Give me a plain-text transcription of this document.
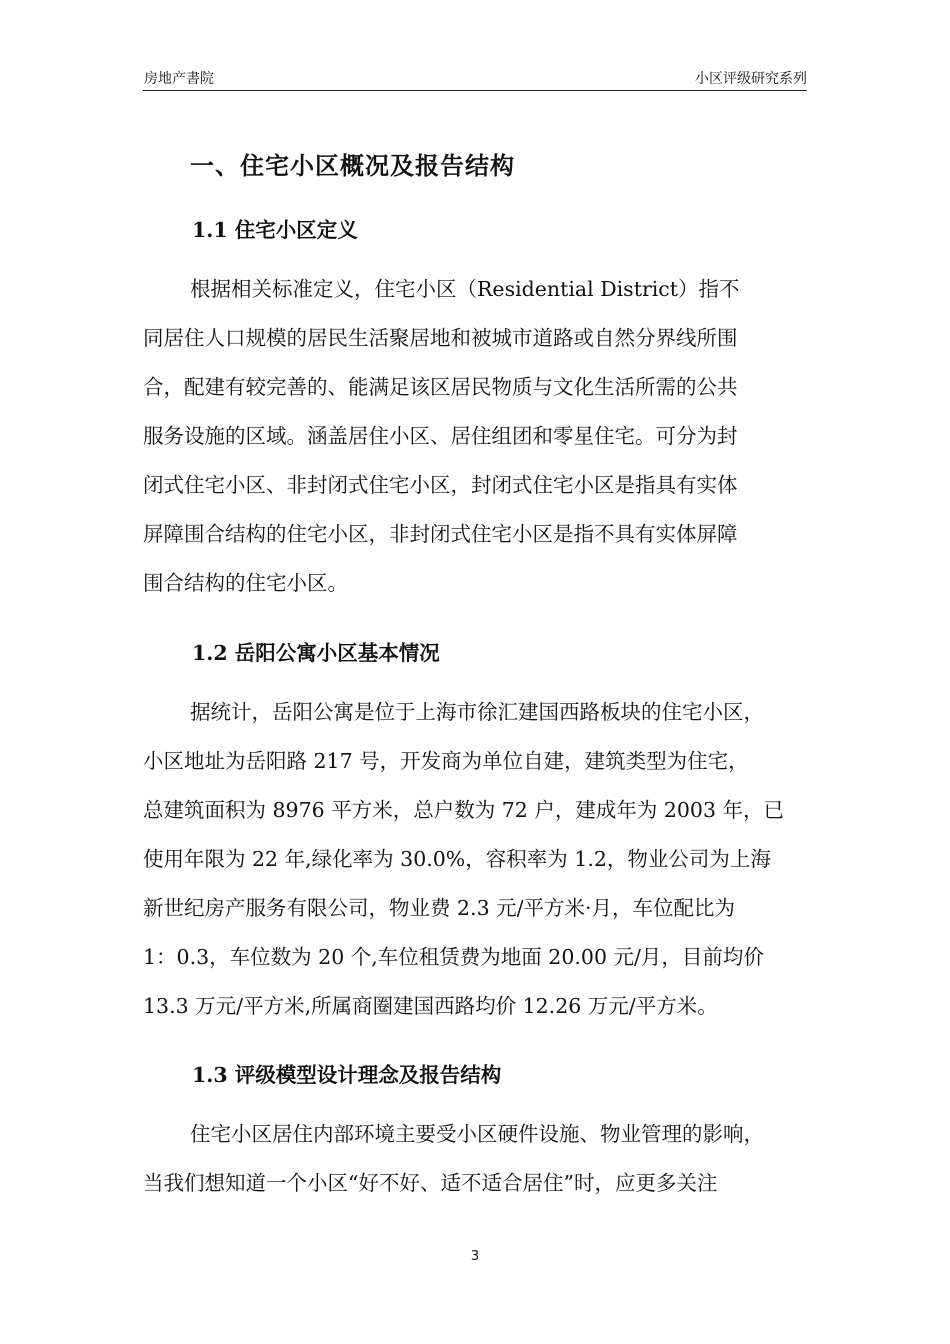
房地产書院	小区评级研究系列
一、住宅小区概况及报告结构
1.1 住宅小区定义
根据相关标准定义，住宅小区（Residential District）指不
同居住人口规模的居民生活聚居地和被城市道路或自然分界线所围
合，配建有较完善的、能满足该区居民物质与文化生活所需的公共
服务设施的区域。涵盖居住小区、居住组团和零星住宅。可分为封
闭式住宅小区、非封闭式住宅小区，封闭式住宅小区是指具有实体
屏障围合结构的住宅小区，非封闭式住宅小区是指不具有实体屏障
围合结构的住宅小区。
1.2 岳阳公寓小区基本情况
据统计，岳阳公寓是位于上海市徐汇建国西路板块的住宅小区，
小区地址为岳阳路 217 号，开发商为单位自建，建筑类型为住宅，
总建筑面积为 8976 平方米，总户数为 72 户，建成年为 2003 年，已
使用年限为 22 年,绿化率为 30.0%，容积率为 1.2，物业公司为上海
新世纪房产服务有限公司，物业费 2.3 元/平方米·月，车位配比为
1：0.3，车位数为 20 个,车位租赁费为地面 20.00 元/月，目前均价
13.3 万元/平方米,所属商圈建国西路均价 12.26 万元/平方米。
1.3 评级模型设计理念及报告结构
住宅小区居住内部环境主要受小区硬件设施、物业管理的影响，
当我们想知道一个小区“好不好、适不适合居住”时，应更多关注
3
